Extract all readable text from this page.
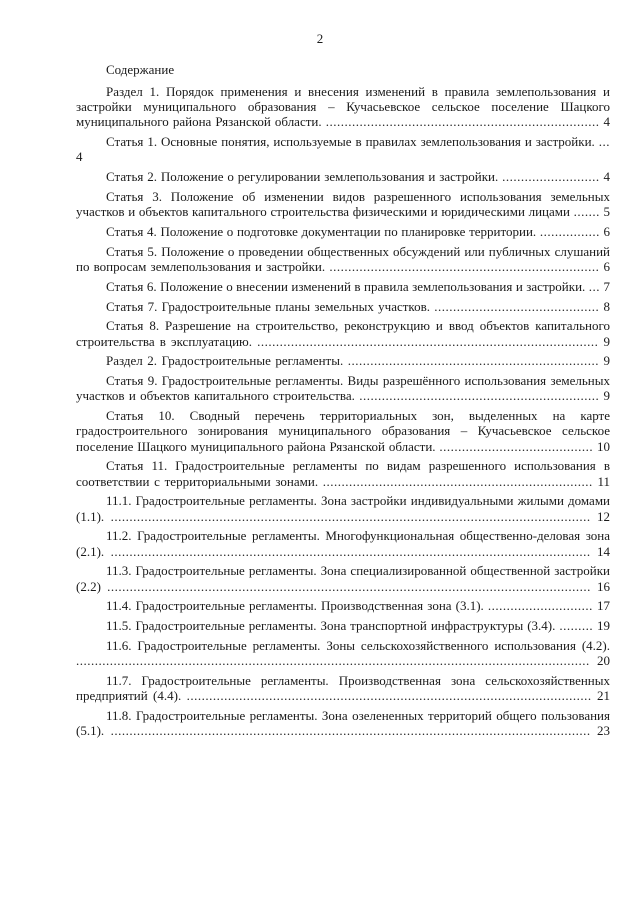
2
Содержание

Раздел 1. Порядок применения и внесения изменений в правила землепользования и застройки муниципального образования – Кучасьевское сельское поселение Шацкого муниципального района Рязанской области. ......................................................................... 4

Статья 1. Основные понятия, используемые в правилах землепользования и застройки. ... 4

Статья 2. Положение о регулировании землепользования и застройки. .......................... 4

Статья 3. Положение об изменении видов разрешенного использования земельных участков и объектов капитального строительства физическими и юридическими лицами ....... 5

Статья 4. Положение о подготовке документации по планировке территории. ................ 6

Статья 5. Положение о проведении общественных обсуждений или публичных слушаний по вопросам землепользования и застройки. ........................................................................ 6

Статья 6. Положение о внесении изменений в правила землепользования и застройки. ... 7

Статья 7. Градостроительные планы земельных участков. ............................................ 8

Статья 8. Разрешение на строительство, реконструкцию и ввод объектов капитального строительства в эксплуатацию. ........................................................................................... 9

Раздел 2. Градостроительные регламенты. ................................................................... 9

Статья 9. Градостроительные регламенты. Виды разрешённого использования земельных участков и объектов капитального строительства. ................................................................ 9

Статья 10. Сводный перечень территориальных зон, выделенных на карте градостроительного зонирования муниципального образования – Кучасьевское сельское поселение Шацкого муниципального района Рязанской области. ......................................... 10

Статья 11. Градостроительные регламенты по видам разрешенного использования в соответствии с территориальными зонами. ........................................................................ 11

11.1. Градостроительные регламенты. Зона застройки индивидуальными жилыми домами (1.1). ................................................................................................................................ 12

11.2. Градостроительные регламенты. Многофункциональная общественно-деловая зона (2.1). ................................................................................................................................ 14

11.3. Градостроительные регламенты. Зона специализированной общественной застройки (2.2) ................................................................................................................................. 16

11.4. Градостроительные регламенты. Производственная зона (3.1). ............................ 17

11.5. Градостроительные регламенты. Зона транспортной инфраструктуры (3.4). ......... 19

11.6. Градостроительные регламенты. Зоны сельскохозяйственного использования (4.2). ......................................................................................................................................... 20

11.7. Градостроительные регламенты. Производственная зона сельскохозяйственных предприятий (4.4). ............................................................................................................ 21

11.8. Градостроительные регламенты. Зона озелененных территорий общего пользования (5.1). ................................................................................................................................ 23
